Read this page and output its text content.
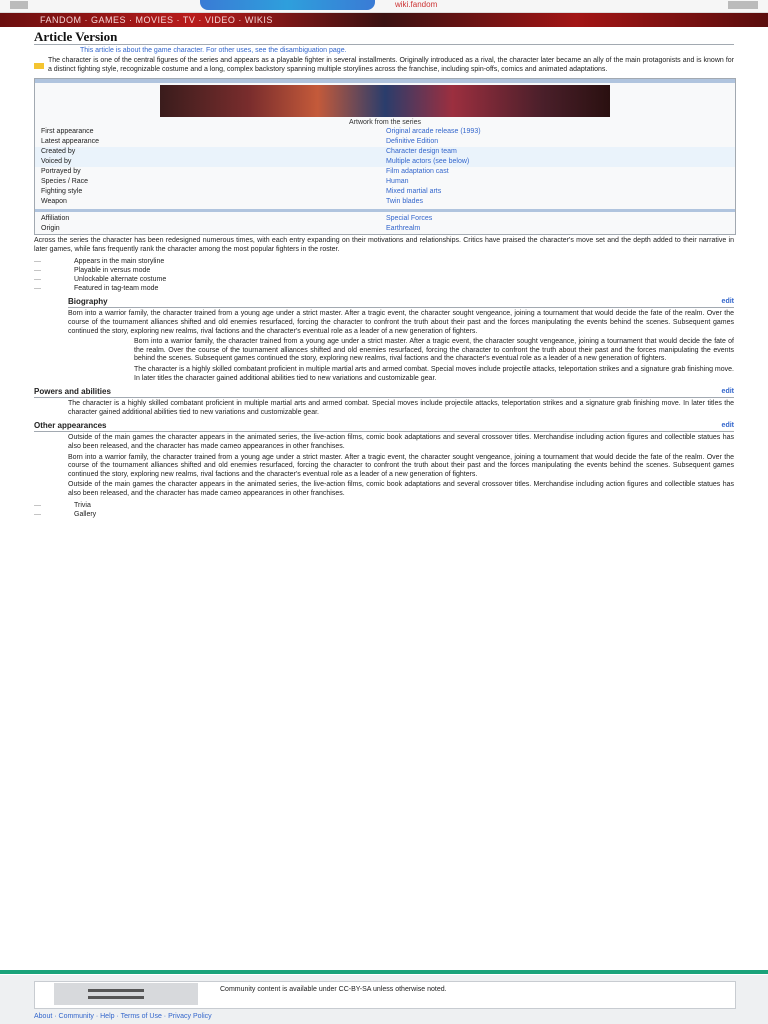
wiki.fandom
FANDOM · GAMES · MOVIES · TV · VIDEO · WIKIS
Article Version
This article is about the game character. For other uses, see the disambiguation page.
The character is one of the central figures of the series and appears as a playable fighter in several installments. Originally introduced as a rival, the character later became an ally of the main protagonists and is known for a distinct fighting style, recognizable costume and a long, complex backstory spanning multiple storylines across the franchise, including spin-offs, comics and animated adaptations.
Artwork from the series
First appearance	Original arcade release (1993)
Latest appearance	Definitive Edition
Created by	Character design team
Voiced by	Multiple actors (see below)
Portrayed by	Film adaptation cast
Species / Race	Human
Fighting style	Mixed martial arts
Weapon	Twin blades
Affiliation	Special Forces
Origin	Earthrealm
Across the series the character has been redesigned numerous times, with each entry expanding on their motivations and relationships. Critics have praised the character's move set and the depth added to their narrative in later games, while fans frequently rank the character among the most popular fighters in the roster.
—	Appears in the main storyline
—	Playable in versus mode
—	Unlockable alternate costume
—	Featured in tag-team mode
Biography	edit
Born into a warrior family, the character trained from a young age under a strict master. After a tragic event, the character sought vengeance, joining a tournament that would decide the fate of the realm. Over the course of the tournament alliances shifted and old enemies resurfaced, forcing the character to confront the truth about their past and the forces manipulating the events behind the scenes. Subsequent games continued the story, exploring new realms, rival factions and the character's eventual role as a leader of a new generation of fighters.
Born into a warrior family, the character trained from a young age under a strict master. After a tragic event, the character sought vengeance, joining a tournament that would decide the fate of the realm. Over the course of the tournament alliances shifted and old enemies resurfaced, forcing the character to confront the truth about their past and the forces manipulating the events behind the scenes. Subsequent games continued the story, exploring new realms, rival factions and the character's eventual role as a leader of a new generation of fighters.
The character is a highly skilled combatant proficient in multiple martial arts and armed combat. Special moves include projectile attacks, teleportation strikes and a signature grab finishing move. In later titles the character gained additional abilities tied to new variations and customizable gear.
Powers and abilities	edit
The character is a highly skilled combatant proficient in multiple martial arts and armed combat. Special moves include projectile attacks, teleportation strikes and a signature grab finishing move. In later titles the character gained additional abilities tied to new variations and customizable gear.
Other appearances	edit
Outside of the main games the character appears in the animated series, the live-action films, comic book adaptations and several crossover titles. Merchandise including action figures and collectible statues has also been released, and the character has made cameo appearances in other franchises.
Born into a warrior family, the character trained from a young age under a strict master. After a tragic event, the character sought vengeance, joining a tournament that would decide the fate of the realm. Over the course of the tournament alliances shifted and old enemies resurfaced, forcing the character to confront the truth about their past and the forces manipulating the events behind the scenes. Subsequent games continued the story, exploring new realms, rival factions and the character's eventual role as a leader of a new generation of fighters.
Outside of the main games the character appears in the animated series, the live-action films, comic book adaptations and several crossover titles. Merchandise including action figures and collectible statues has also been released, and the character has made cameo appearances in other franchises.
—	Trivia
—	Gallery
Community content is available under CC-BY-SA unless otherwise noted.
About · Community · Help · Terms of Use · Privacy Policy
